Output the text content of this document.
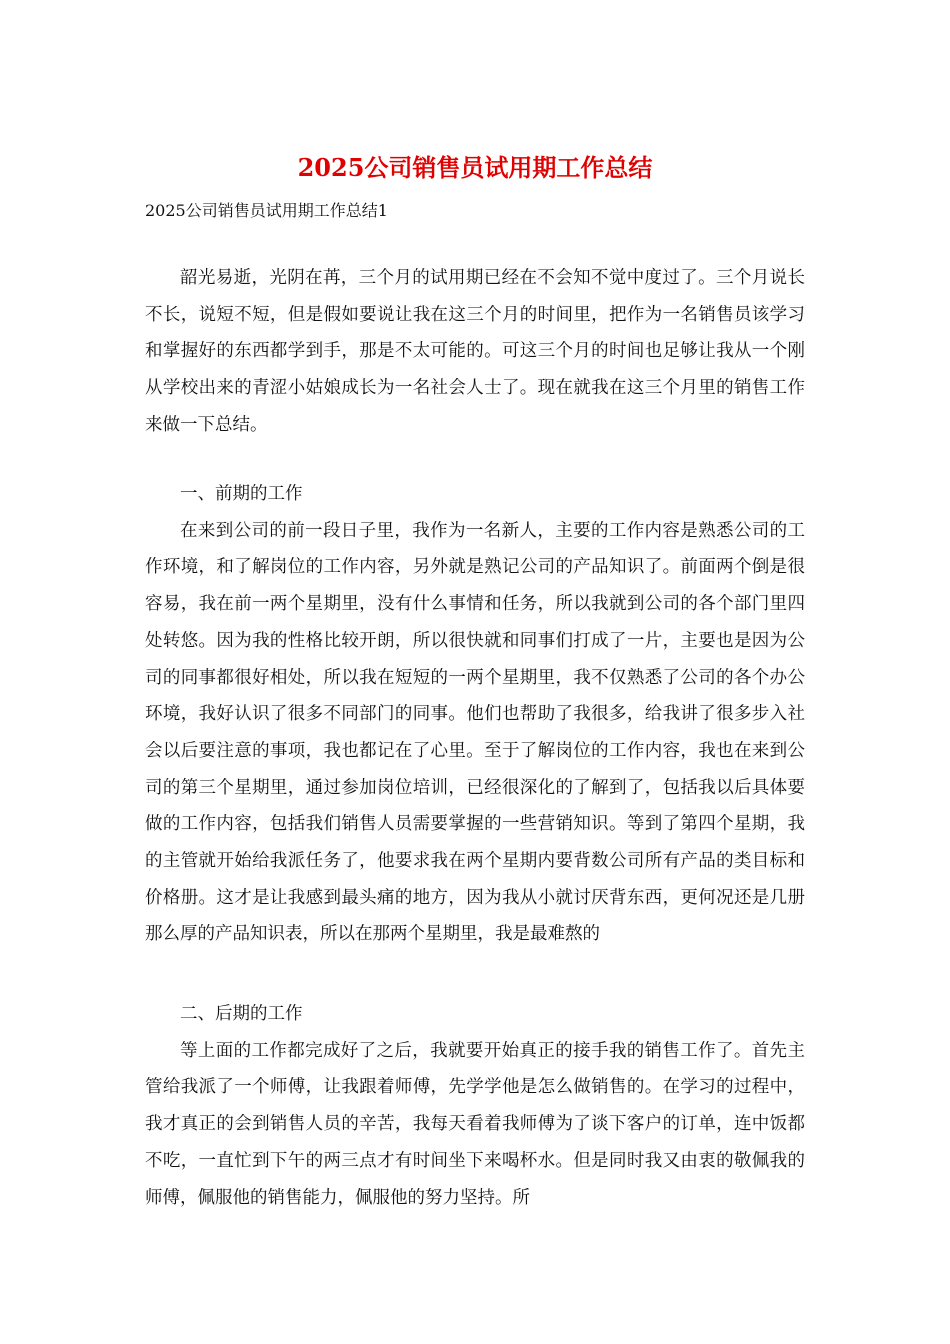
2025公司销售员试用期工作总结

2025公司销售员试用期工作总结1

韶光易逝，光阴在苒，三个月的试用期已经在不会知不觉中度过了。三个月说长不长，说短不短，但是假如要说让我在这三个月的时间里，把作为一名销售员该学习和掌握好的东西都学到手，那是不太可能的。可这三个月的时间也足够让我从一个刚从学校出来的青涩小姑娘成长为一名社会人士了。现在就我在这三个月里的销售工作来做一下总结。

一、前期的工作

在来到公司的前一段日子里，我作为一名新人，主要的工作内容是熟悉公司的工作环境，和了解岗位的工作内容，另外就是熟记公司的产品知识了。前面两个倒是很容易，我在前一两个星期里，没有什么事情和任务，所以我就到公司的各个部门里四处转悠。因为我的性格比较开朗，所以很快就和同事们打成了一片，主要也是因为公司的同事都很好相处，所以我在短短的一两个星期里，我不仅熟悉了公司的各个办公环境，我好认识了很多不同部门的同事。他们也帮助了我很多，给我讲了很多步入社会以后要注意的事项，我也都记在了心里。至于了解岗位的工作内容，我也在来到公司的第三个星期里，通过参加岗位培训，已经很深化的了解到了，包括我以后具体要做的工作内容，包括我们销售人员需要掌握的一些营销知识。等到了第四个星期，我的主管就开始给我派任务了，他要求我在两个星期内要背数公司所有产品的类目标和价格册。这才是让我感到最头痛的地方，因为我从小就讨厌背东西，更何况还是几册那么厚的产品知识表，所以在那两个星期里，我是最难熬的

二、后期的工作

等上面的工作都完成好了之后，我就要开始真正的接手我的销售工作了。首先主管给我派了一个师傅，让我跟着师傅，先学学他是怎么做销售的。在学习的过程中，我才真正的会到销售人员的辛苦，我每天看着我师傅为了谈下客户的订单，连中饭都不吃，一直忙到下午的两三点才有时间坐下来喝杯水。但是同时我又由衷的敬佩我的师傅，佩服他的销售能力，佩服他的努力坚持。所
